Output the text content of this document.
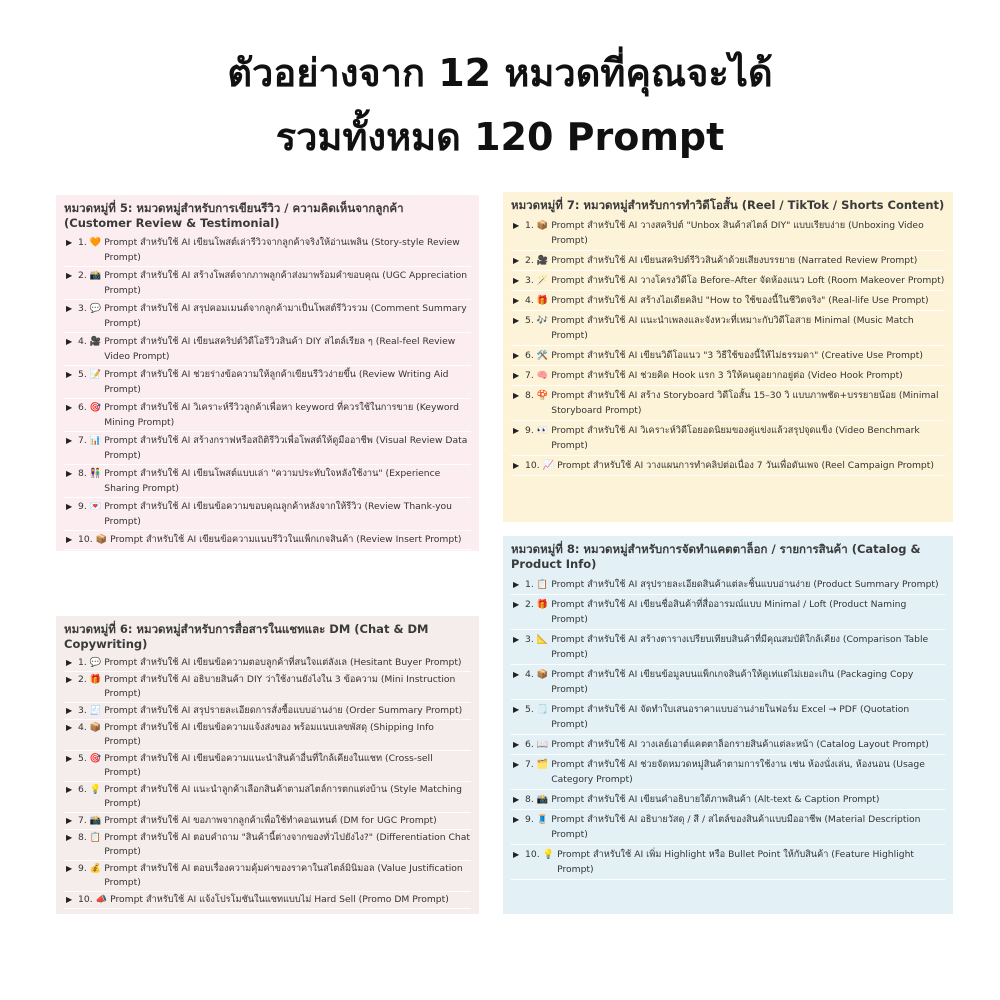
ตัวอย่างจาก 12 หมวดที่คุณจะได้
รวมทั้งหมด 120 Prompt
หมวดหมู่ที่ 5: หมวดหมู่สำหรับการเขียนรีวิว / ความคิดเห็นจากลูกค้า (Customer Review & Testimonial)
▶ 1. 🧡 Prompt สำหรับใช้ AI เขียนโพสต์เล่ารีวิวจากลูกค้าจริงให้อ่านเพลิน (Story-style Review Prompt)
▶ 2. 📸 Prompt สำหรับใช้ AI สร้างโพสต์จากภาพลูกค้าส่งมาพร้อมคำขอบคุณ (UGC Appreciation Prompt)
▶ 3. 💬 Prompt สำหรับใช้ AI สรุปคอมเมนต์จากลูกค้ามาเป็นโพสต์รีวิวรวม (Comment Summary Prompt)
▶ 4. 🎥 Prompt สำหรับใช้ AI เขียนสคริปต์วิดีโอรีวิวสินค้า DIY สไตล์เรียล ๆ (Real-feel Review Video Prompt)
▶ 5. 📝 Prompt สำหรับใช้ AI ช่วยร่างข้อความให้ลูกค้าเขียนรีวิวง่ายขึ้น (Review Writing Aid Prompt)
▶ 6. 🎯 Prompt สำหรับใช้ AI วิเคราะห์รีวิวลูกค้าเพื่อหา keyword ที่ควรใช้ในการขาย (Keyword Mining Prompt)
▶ 7. 📊 Prompt สำหรับใช้ AI สร้างกราฟหรือสถิติรีวิวเพื่อโพสต์ให้ดูมืออาชีพ (Visual Review Data Prompt)
▶ 8. 👫 Prompt สำหรับใช้ AI เขียนโพสต์แบบเล่า "ความประทับใจหลังใช้งาน" (Experience Sharing Prompt)
▶ 9. 💌 Prompt สำหรับใช้ AI เขียนข้อความขอบคุณลูกค้าหลังจากให้รีวิว (Review Thank-you Prompt)
▶ 10. 📦 Prompt สำหรับใช้ AI เขียนข้อความแนบรีวิวในแพ็กเกจสินค้า (Review Insert Prompt)
หมวดหมู่ที่ 6: หมวดหมู่สำหรับการสื่อสารในแชทและ DM (Chat & DM Copywriting)
▶ 1. 💬 Prompt สำหรับใช้ AI เขียนข้อความตอบลูกค้าที่สนใจแต่ลังเล (Hesitant Buyer Prompt)
▶ 2. 🎁 Prompt สำหรับใช้ AI อธิบายสินค้า DIY ว่าใช้งานยังไงใน 3 ข้อความ (Mini Instruction Prompt)
▶ 3. 🧾 Prompt สำหรับใช้ AI สรุปรายละเอียดการสั่งซื้อแบบอ่านง่าย (Order Summary Prompt)
▶ 4. 📦 Prompt สำหรับใช้ AI เขียนข้อความแจ้งส่งของ พร้อมแนบเลขพัสดุ (Shipping Info Prompt)
▶ 5. 🎯 Prompt สำหรับใช้ AI เขียนข้อความแนะนำสินค้าอื่นที่ใกล้เคียงในแชท (Cross-sell Prompt)
▶ 6. 💡 Prompt สำหรับใช้ AI แนะนำลูกค้าเลือกสินค้าตามสไตล์การตกแต่งบ้าน (Style Matching Prompt)
▶ 7. 📸 Prompt สำหรับใช้ AI ขอภาพจากลูกค้าเพื่อใช้ทำคอนเทนต์ (DM for UGC Prompt)
▶ 8. 📋 Prompt สำหรับใช้ AI ตอบคำถาม "สินค้านี้ต่างจากของทั่วไปยังไง?" (Differentiation Chat Prompt)
▶ 9. 💰 Prompt สำหรับใช้ AI ตอบเรื่องความคุ้มค่าของราคาในสไตล์มินิมอล (Value Justification Prompt)
▶ 10. 📣 Prompt สำหรับใช้ AI แจ้งโปรโมชันในแชทแบบไม่ Hard Sell (Promo DM Prompt)
หมวดหมู่ที่ 7: หมวดหมู่สำหรับการทำวิดีโอสั้น (Reel / TikTok / Shorts Content)
▶ 1. 📦 Prompt สำหรับใช้ AI วางสคริปต์ "Unbox สินค้าสไตล์ DIY" แบบเรียบง่าย (Unboxing Video Prompt)
▶ 2. 🎥 Prompt สำหรับใช้ AI เขียนสคริปต์รีวิวสินค้าด้วยเสียงบรรยาย (Narrated Review Prompt)
▶ 3. 🪄 Prompt สำหรับใช้ AI วางโครงวิดีโอ Before–After จัดห้องแนว Loft (Room Makeover Prompt)
▶ 4. 🎁 Prompt สำหรับใช้ AI สร้างไอเดียคลิป "How to ใช้ของนี้ในชีวิตจริง" (Real-life Use Prompt)
▶ 5. 🎶 Prompt สำหรับใช้ AI แนะนำเพลงและจังหวะที่เหมาะกับวิดีโอสาย Minimal (Music Match Prompt)
▶ 6. 🛠️ Prompt สำหรับใช้ AI เขียนวิดีโอแนว "3 วิธีใช้ของนี้ให้ไม่ธรรมดา" (Creative Use Prompt)
▶ 7. 🧠 Prompt สำหรับใช้ AI ช่วยคิด Hook แรก 3 วิให้คนดูอยากอยู่ต่อ (Video Hook Prompt)
▶ 8. 🍄 Prompt สำหรับใช้ AI สร้าง Storyboard วิดีโอสั้น 15–30 วิ แบบภาพชัด+บรรยายน้อย (Minimal Storyboard Prompt)
▶ 9. 👀 Prompt สำหรับใช้ AI วิเคราะห์วิดีโอยอดนิยมของคู่แข่งแล้วสรุปจุดแข็ง (Video Benchmark Prompt)
▶ 10. 📈 Prompt สำหรับใช้ AI วางแผนการทำคลิปต่อเนื่อง 7 วันเพื่อดันเพจ (Reel Campaign Prompt)
หมวดหมู่ที่ 8: หมวดหมู่สำหรับการจัดทำแคตตาล็อก / รายการสินค้า (Catalog & Product Info)
▶ 1. 📋 Prompt สำหรับใช้ AI สรุปรายละเอียดสินค้าแต่ละชิ้นแบบอ่านง่าย (Product Summary Prompt)
▶ 2. 🎁 Prompt สำหรับใช้ AI เขียนชื่อสินค้าที่สื่ออารมณ์แบบ Minimal / Loft (Product Naming Prompt)
▶ 3. 📐 Prompt สำหรับใช้ AI สร้างตารางเปรียบเทียบสินค้าที่มีคุณสมบัติใกล้เคียง (Comparison Table Prompt)
▶ 4. 📦 Prompt สำหรับใช้ AI เขียนข้อมูลบนแพ็กเกจสินค้าให้ดูเท่แต่ไม่เยอะเกิน (Packaging Copy Prompt)
▶ 5. 🗒️ Prompt สำหรับใช้ AI จัดทำใบเสนอราคาแบบอ่านง่ายในฟอร์ม Excel → PDF (Quotation Prompt)
▶ 6. 📖 Prompt สำหรับใช้ AI วางเลย์เอาต์แคตตาล็อกรายสินค้าแต่ละหน้า (Catalog Layout Prompt)
▶ 7. 🗂️ Prompt สำหรับใช้ AI ช่วยจัดหมวดหมู่สินค้าตามการใช้งาน เช่น ห้องนั่งเล่น, ห้องนอน (Usage Category Prompt)
▶ 8. 📸 Prompt สำหรับใช้ AI เขียนคำอธิบายใต้ภาพสินค้า (Alt-text & Caption Prompt)
▶ 9. 🧵 Prompt สำหรับใช้ AI อธิบายวัสดุ / สี / สไตล์ของสินค้าแบบมืออาชีพ (Material Description Prompt)
▶ 10. 💡 Prompt สำหรับใช้ AI เพิ่ม Highlight หรือ Bullet Point ให้กับสินค้า (Feature Highlight Prompt)
